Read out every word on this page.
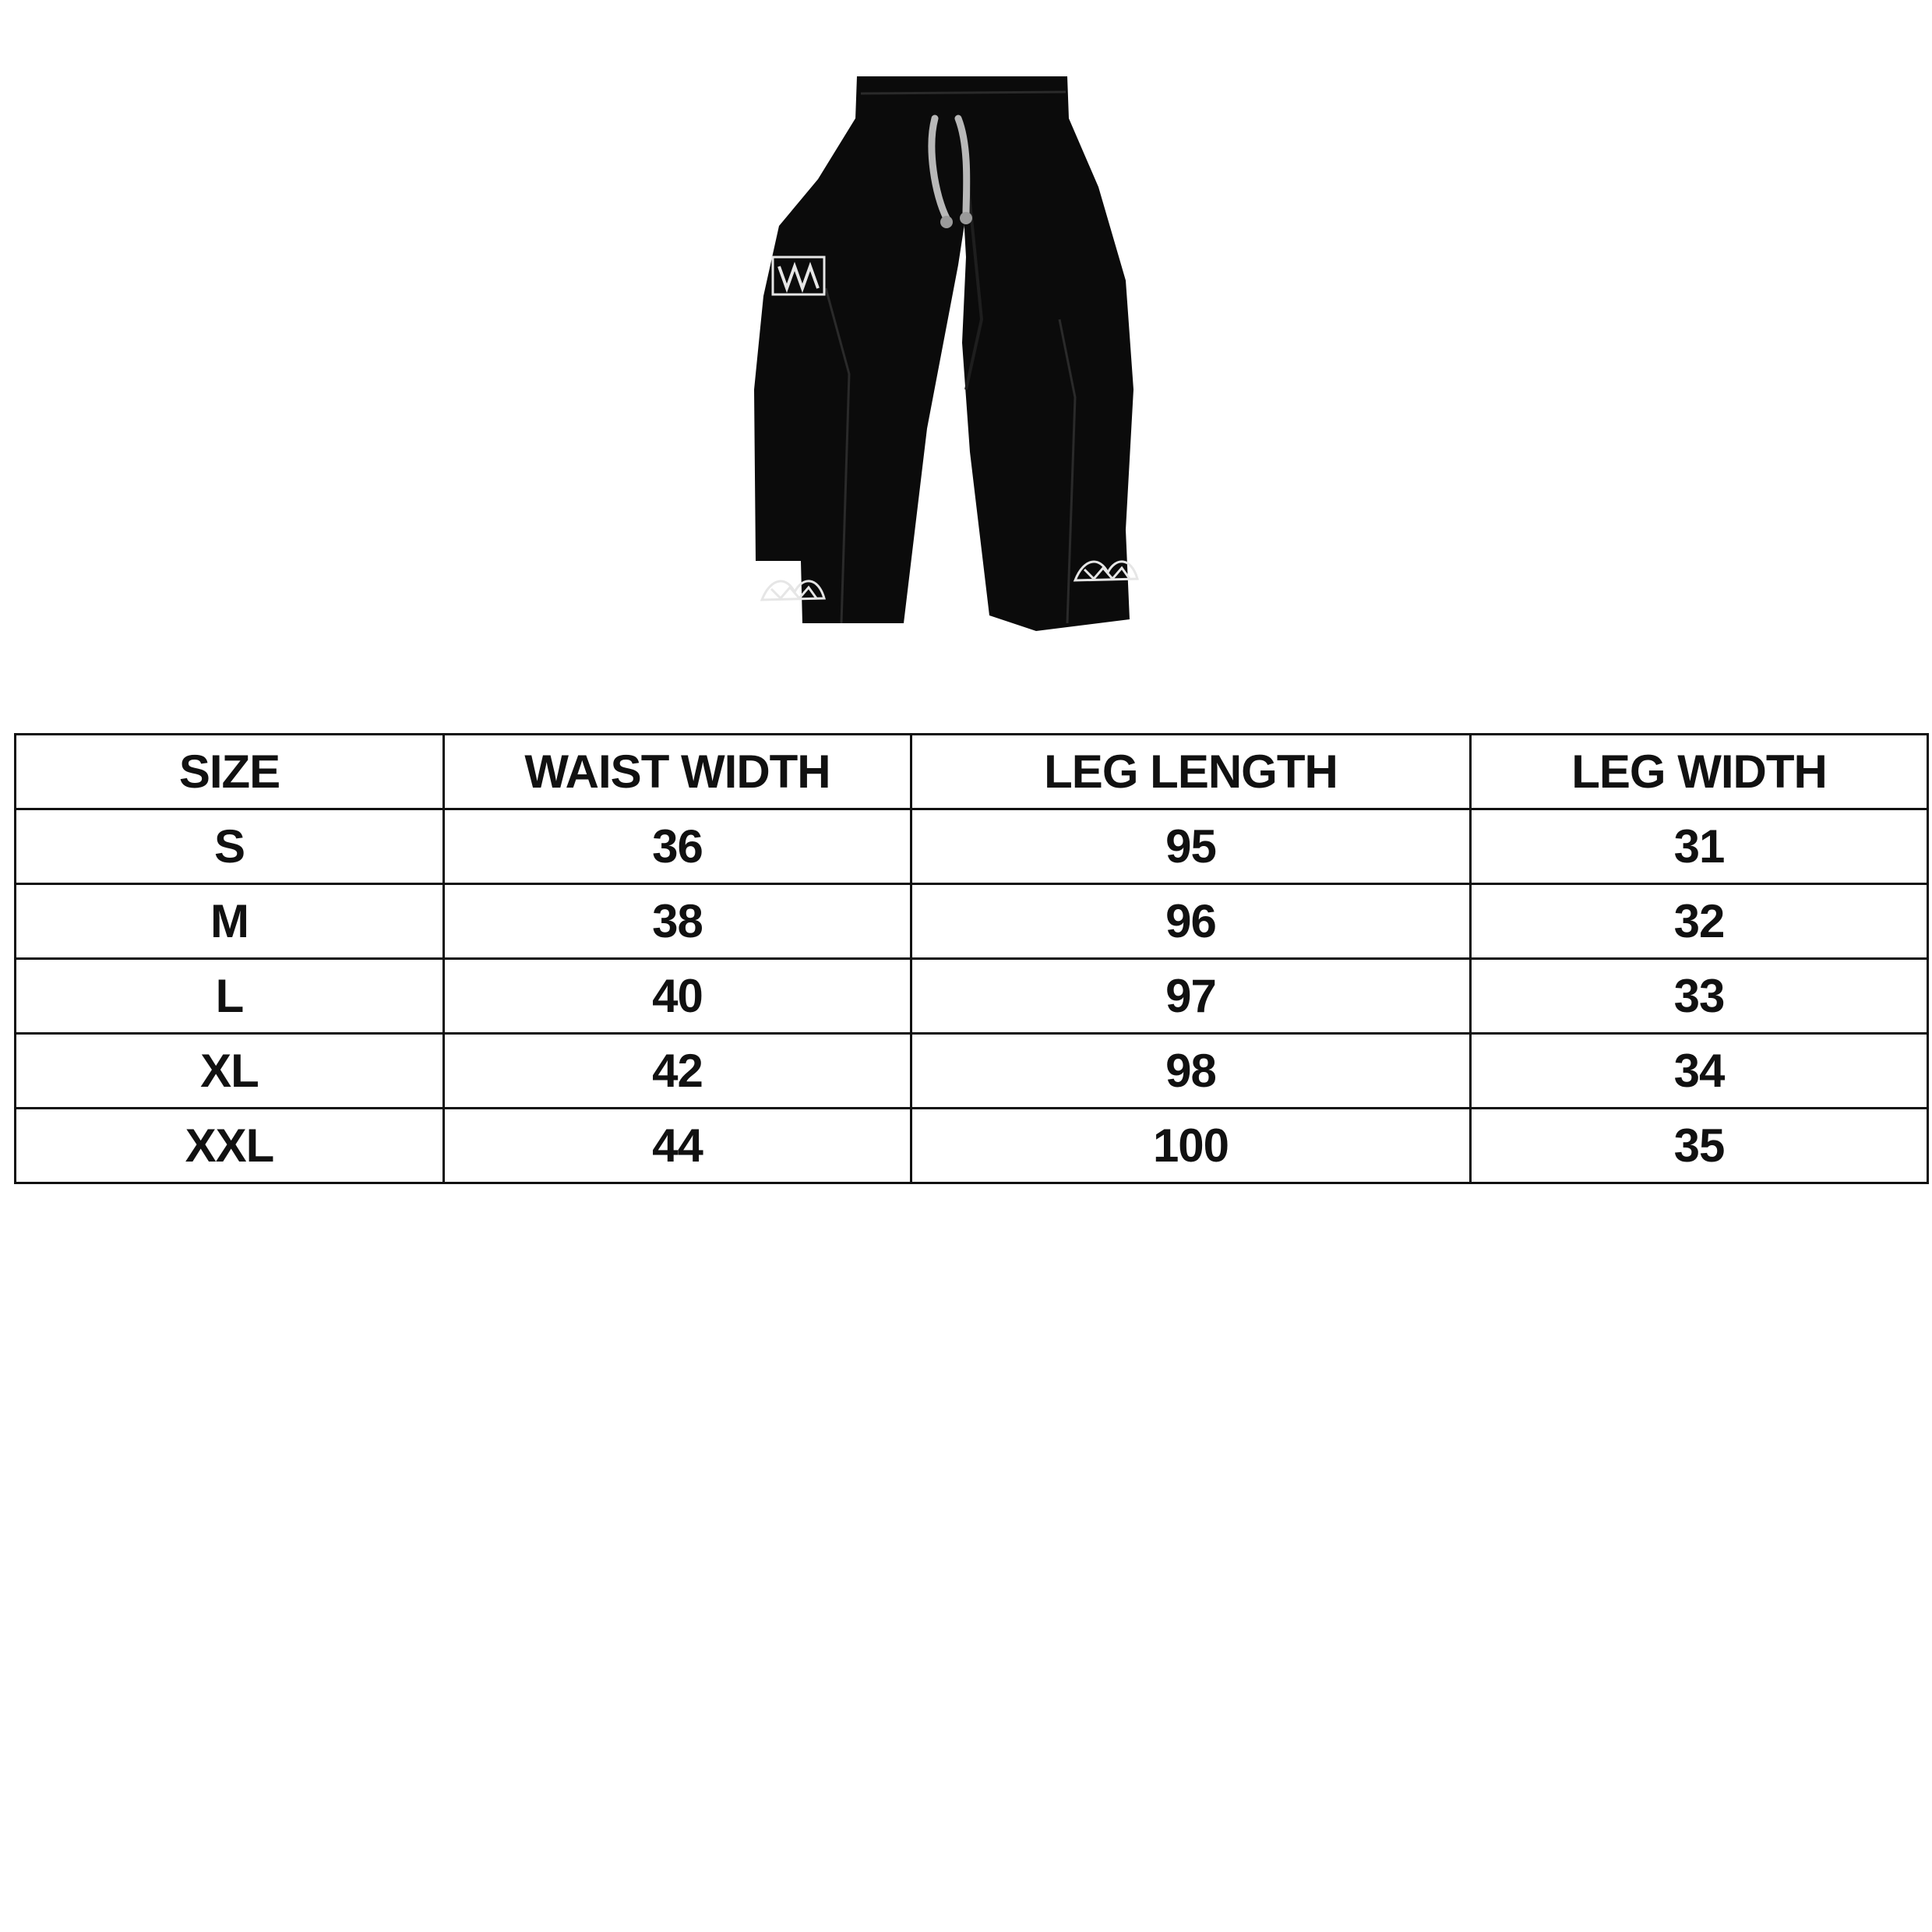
SIZE	WAIST WIDTH	LEG LENGTH	LEG WIDTH
S	36	95	31
M	38	96	32
L	40	97	33
XL	42	98	34
XXL	44	100	35
